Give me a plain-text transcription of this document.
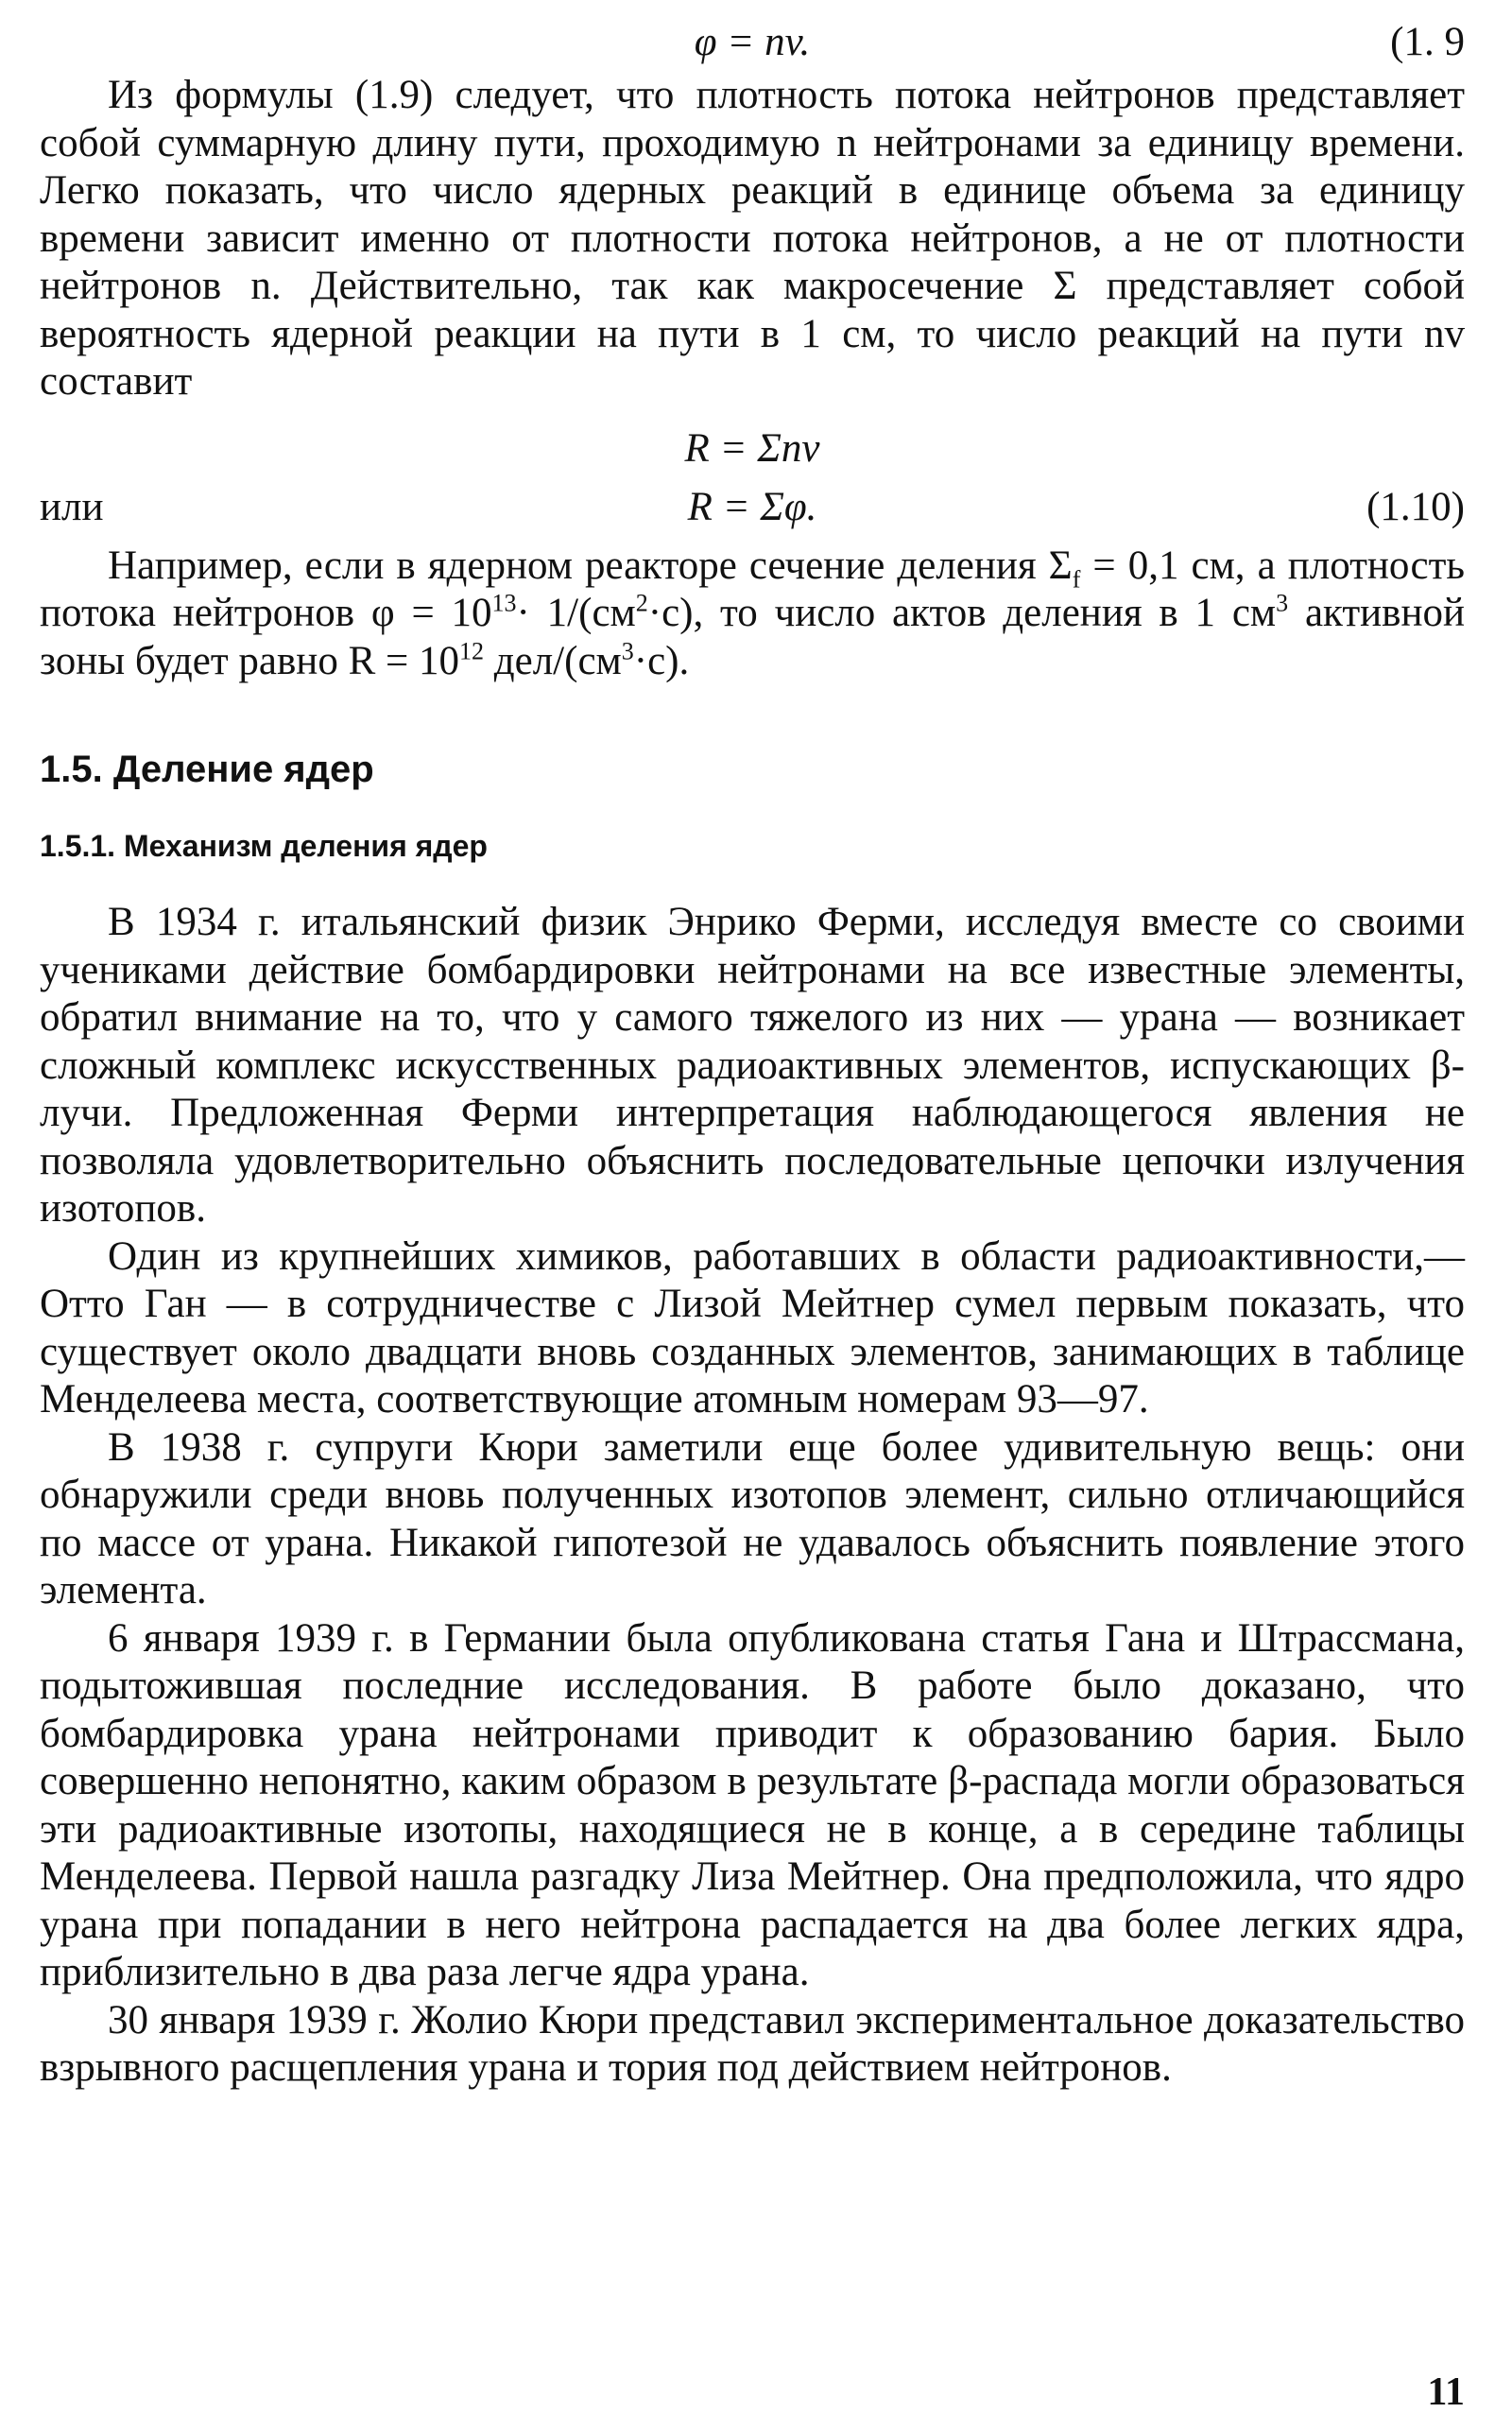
φ = nv.	(1. 9

Из формулы (1.9) следует, что плотность потока нейтронов представляет собой суммарную длину пути, проходимую n нейтронами за единицу времени. Легко показать, что число ядерных реакций в единице объема за единицу времени зависит именно от плотности потока нейтронов, а не от плотности нейтронов n. Действительно, так как макросечение Σ представляет собой вероятность ядерной реакции на пути в 1 см, то число реакций на пути nv составит

R = Σnv
или	R = Σφ.	(1.10)

Например, если в ядерном реакторе сечение деления $\Sigma_f = 0,1$ см, а плотность потока нейтронов $\varphi = 10^{13}\cdot 1/(см^2\cdot с)$, то число актов деления в 1 $см^3$ активной зоны будет равно $R = 10^{12}$ дел/$(см^3\cdot с)$.

1.5. Деление ядер
1.5.1. Механизм деления ядер

В 1934 г. итальянский физик Энрико Ферми, исследуя вместе со своими учениками действие бомбардировки нейтронами на все известные элементы, обратил внимание на то, что у самого тяжелого из них — урана — возникает сложный комплекс искусственных радиоактивных элементов, испускающих β-лучи. Предложенная Ферми интерпретация наблюдающегося явления не позволяла удовлетворительно объяснить последовательные цепочки излучения изотопов.

Один из крупнейших химиков, работавших в области радиоактивности,— Отто Ган — в сотрудничестве с Лизой Мейтнер сумел первым показать, что существует около двадцати вновь созданных элементов, занимающих в таблице Менделеева места, соответствующие атомным номерам 93—97.

В 1938 г. супруги Кюри заметили еще более удивительную вещь: они обнаружили среди вновь полученных изотопов элемент, сильно отличающийся по массе от урана. Никакой гипотезой не удавалось объяснить появление этого элемента.

6 января 1939 г. в Германии была опубликована статья Гана и Штрассмана, подытожившая последние исследования. В работе было доказано, что бомбардировка урана нейтронами приводит к образованию бария. Было совершенно непонятно, каким образом в результате β-распада могли образоваться эти радиоактивные изотопы, находящиеся не в конце, а в середине таблицы Менделеева. Первой нашла разгадку Лиза Мейтнер. Она предположила, что ядро урана при попадании в него нейтрона распадается на два более легких ядра, приблизительно в два раза легче ядра урана.

30 января 1939 г. Жолио Кюри представил экспериментальное доказательство взрывного расщепления урана и тория под действием нейтронов.

11
